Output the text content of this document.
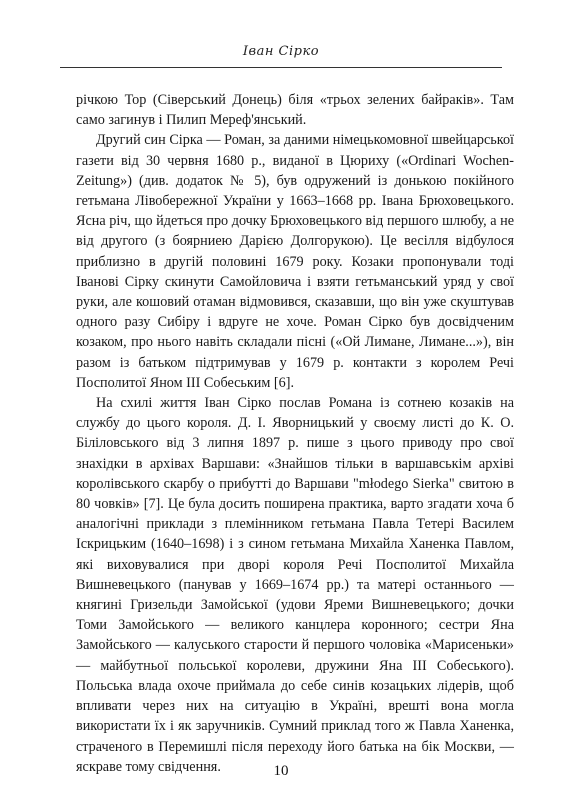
Іван Сірко

річкою Тор (Сіверський Донець) біля «трьох зелених байраків». Там само загинув і Пилип Мереф'янський.

Другий син Сірка — Роман, за даними німецькомовної швейцарської газети від 30 червня 1680 р., виданої в Цюриху («Ordinari Wochen-Zeitung») (див. додаток № 5), був одружений із донькою покійного гетьмана Лівобережної України у 1663–1668 рр. Івана Брюховецького. Ясна річ, що йдеться про дочку Брюховецького від першого шлюбу, а не від другого (з боярниею Дарією Долгорукою). Це весілля відбулося приблизно в другій половині 1679 року. Козаки пропонували тоді Іванові Сірку скинути Самойловича і взяти гетьманський уряд у свої руки, але кошовий отаман відмовився, сказавши, що він уже скуштував одного разу Сибіру і вдруге не хоче. Роман Сірко був досвідченим козаком, про нього навіть складали пісні («Ой Лимане, Лимане...»), він разом із батьком підтримував у 1679 р. контакти з королем Речі Посполитої Яном III Собеським [6].

На схилі життя Іван Сірко послав Романа із сотнею козаків на службу до цього короля. Д. І. Яворницький у своєму листі до К. О. Біліловського від 3 липня 1897 р. пише з цього приводу про свої знахідки в архівах Варшави: «Знайшов тільки в варшавськім архіві королівського скарбу о прибутті до Варшави "młodego Sierka" свитою в 80 човків» [7]. Це була досить поширена практика, варто згадати хоча б аналогічні приклади з племінником гетьмана Павла Тетері Василем Іскрицьким (1640–1698) і з сином гетьмана Михайла Ханенка Павлом, які виховувалися при дворі короля Речі Посполитої Михайла Вишневецького (панував у 1669–1674 рр.) та матері останнього — княгині Гризельди Замойської (удови Яреми Вишневецького; дочки Томи Замойського — великого канцлера коронного; сестри Яна Замойського — калуського старости й першого чоловіка «Марисеньки» — майбутньої польської королеви, дружини Яна III Собеського). Польська влада охоче приймала до себе синів козацьких лідерів, щоб впливати через них на ситуацію в Україні, врешті вона могла використати їх і як заручників. Сумний приклад того ж Павла Ханенка, страченого в Перемишлі після переходу його батька на бік Москви, — яскраве тому свідчення.	10
